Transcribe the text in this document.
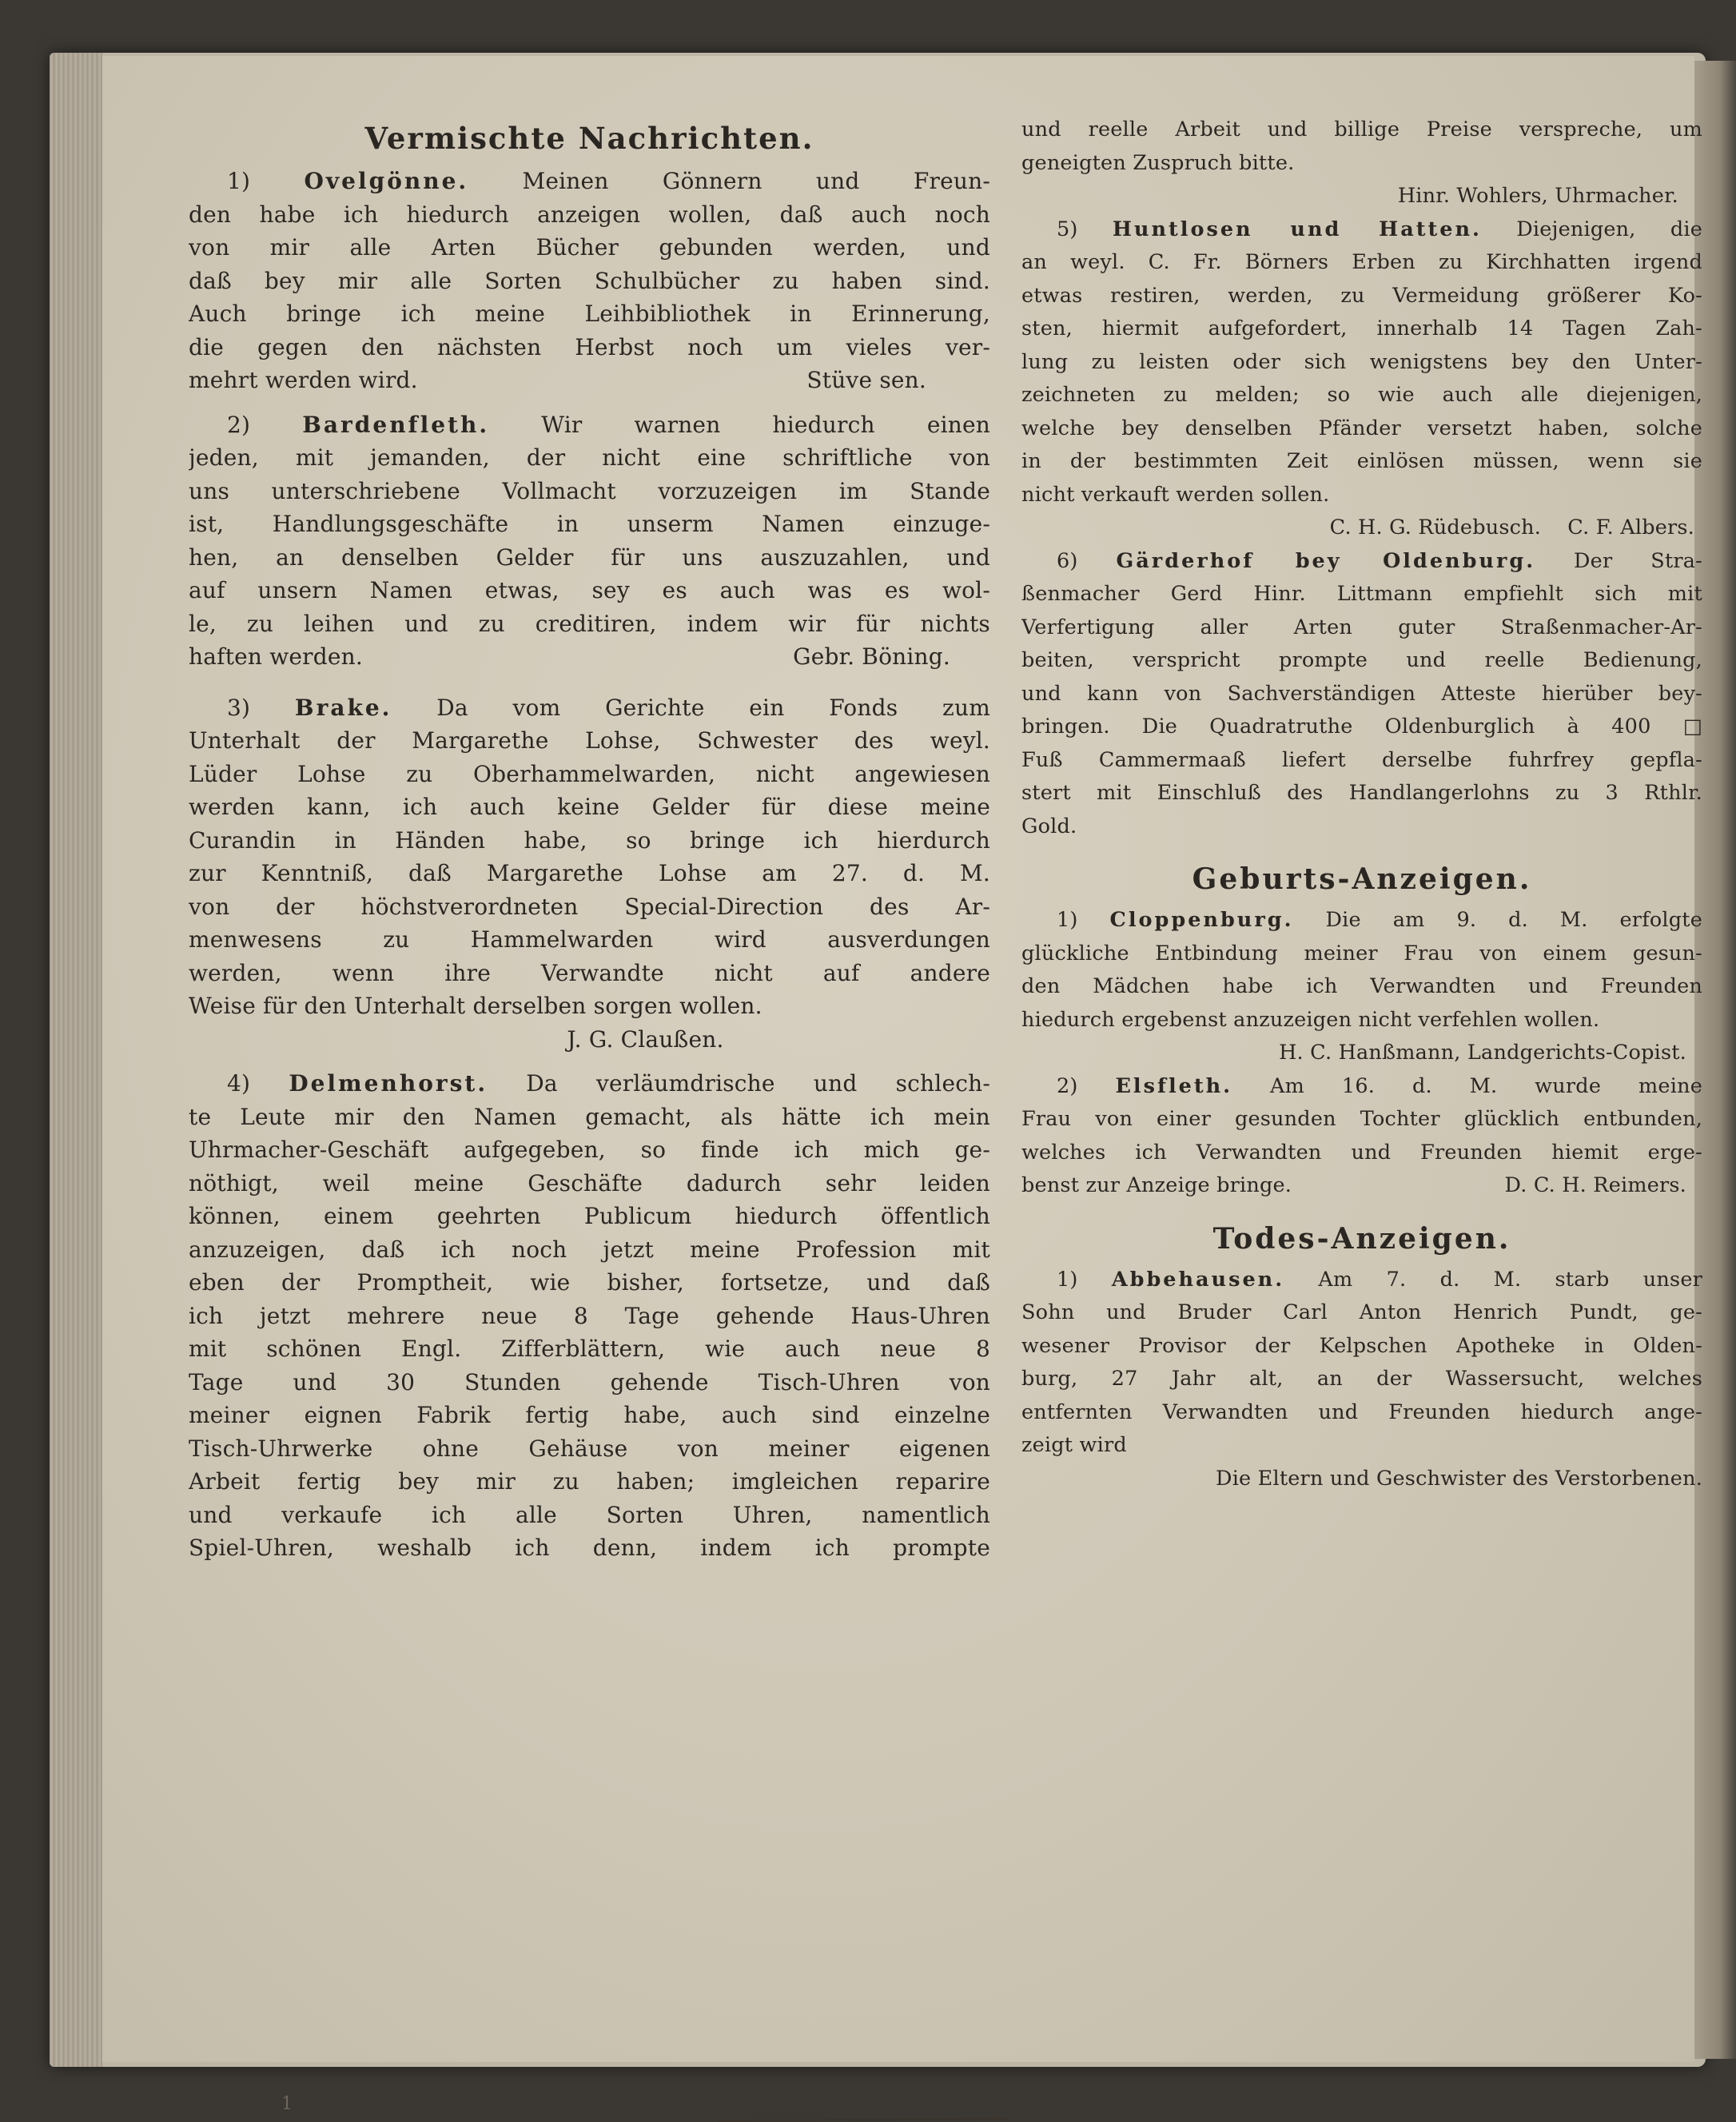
Vermischte Nachrichten.
1) Ovelgönne. Meinen Gönnern und Freun-
den habe ich hiedurch anzeigen wollen, daß auch noch
von mir alle Arten Bücher gebunden werden, und
daß bey mir alle Sorten Schulbücher zu haben sind.
Auch bringe ich meine Leihbibliothek in Erinnerung,
die gegen den nächsten Herbst noch um vieles ver-
mehrt werden wird.	Stüve sen.
2) Bardenfleth. Wir warnen hiedurch einen
jeden, mit jemanden, der nicht eine schriftliche von
uns unterschriebene Vollmacht vorzuzeigen im Stande
ist, Handlungsgeschäfte in unserm Namen einzuge-
hen, an denselben Gelder für uns auszuzahlen, und
auf unsern Namen etwas, sey es auch was es wol-
le, zu leihen und zu creditiren, indem wir für nichts
haften werden.	Gebr. Böning.
3) Brake. Da vom Gerichte ein Fonds zum
Unterhalt der Margarethe Lohse, Schwester des weyl.
Lüder Lohse zu Oberhammelwarden, nicht angewiesen
werden kann, ich auch keine Gelder für diese meine
Curandin in Händen habe, so bringe ich hierdurch
zur Kenntniß, daß Margarethe Lohse am 27. d. M.
von der höchstverordneten Special-Direction des Ar-
menwesens zu Hammelwarden wird ausverdungen
werden, wenn ihre Verwandte nicht auf andere
Weise für den Unterhalt derselben sorgen wollen.
J. G. Claußen.
4) Delmenhorst. Da verläumdrische und schlech-
te Leute mir den Namen gemacht, als hätte ich mein
Uhrmacher-Geschäft aufgegeben, so finde ich mich ge-
nöthigt, weil meine Geschäfte dadurch sehr leiden
können, einem geehrten Publicum hiedurch öffentlich
anzuzeigen, daß ich noch jetzt meine Profession mit
eben der Promptheit, wie bisher, fortsetze, und daß
ich jetzt mehrere neue 8 Tage gehende Haus-Uhren
mit schönen Engl. Zifferblättern, wie auch neue 8
Tage und 30 Stunden gehende Tisch-Uhren von
meiner eignen Fabrik fertig habe, auch sind einzelne
Tisch-Uhrwerke ohne Gehäuse von meiner eigenen
Arbeit fertig bey mir zu haben; imgleichen reparire
und verkaufe ich alle Sorten Uhren, namentlich
Spiel-Uhren, weshalb ich denn, indem ich prompte
und reelle Arbeit und billige Preise verspreche, um
geneigten Zuspruch bitte.
Hinr. Wohlers, Uhrmacher.
5) Huntlosen und Hatten. Diejenigen, die
an weyl. C. Fr. Börners Erben zu Kirchhatten irgend
etwas restiren, werden, zu Vermeidung größerer Ko-
sten, hiermit aufgefordert, innerhalb 14 Tagen Zah-
lung zu leisten oder sich wenigstens bey den Unter-
zeichneten zu melden; so wie auch alle diejenigen,
welche bey denselben Pfänder versetzt haben, solche
in der bestimmten Zeit einlösen müssen, wenn sie
nicht verkauft werden sollen.
C. H. G. Rüdebusch.    C. F. Albers.
6) Gärderhof bey Oldenburg. Der Stra-
ßenmacher Gerd Hinr. Littmann empfiehlt sich mit
Verfertigung aller Arten guter Straßenmacher-Ar-
beiten, verspricht prompte und reelle Bedienung,
und kann von Sachverständigen Atteste hierüber bey-
bringen. Die Quadratruthe Oldenburglich à 400 □
Fuß Cammermaaß liefert derselbe fuhrfrey gepfla-
stert mit Einschluß des Handlangerlohns zu 3 Rthlr.
Gold.
Geburts-Anzeigen.
1) Cloppenburg. Die am 9. d. M. erfolgte
glückliche Entbindung meiner Frau von einem gesun-
den Mädchen habe ich Verwandten und Freunden
hiedurch ergebenst anzuzeigen nicht verfehlen wollen.
H. C. Hanßmann, Landgerichts-Copist.
2) Elsfleth. Am 16. d. M. wurde meine
Frau von einer gesunden Tochter glücklich entbunden,
welches ich Verwandten und Freunden hiemit erge-
benst zur Anzeige bringe.	D. C. H. Reimers.
Todes-Anzeigen.
1) Abbehausen. Am 7. d. M. starb unser
Sohn und Bruder Carl Anton Henrich Pundt, ge-
wesener Provisor der Kelpschen Apotheke in Olden-
burg, 27 Jahr alt, an der Wassersucht, welches
entfernten Verwandten und Freunden hiedurch ange-
zeigt wird
Die Eltern und Geschwister des Verstorbenen.
1
